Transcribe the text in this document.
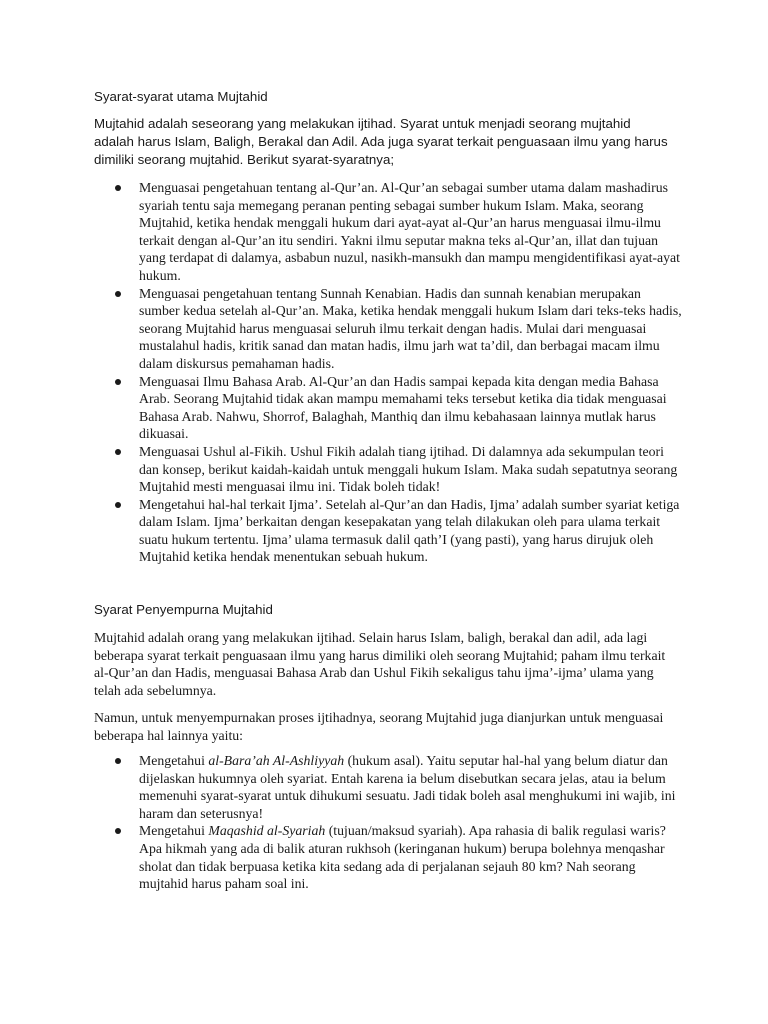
Syarat-syarat utama Mujtahid

Mujtahid adalah seseorang yang melakukan ijtihad. Syarat untuk menjadi seorang mujtahid adalah harus Islam, Baligh, Berakal dan Adil. Ada juga syarat terkait penguasaan ilmu yang harus dimiliki seorang mujtahid. Berikut syarat-syaratnya;

Menguasai pengetahuan tentang al-Qur’an. Al-Qur’an sebagai sumber utama dalam mashadirus syariah tentu saja memegang peranan penting sebagai sumber hukum Islam. Maka, seorang Mujtahid, ketika hendak menggali hukum dari ayat-ayat al-Qur’an harus menguasai ilmu-ilmu terkait dengan al-Qur’an itu sendiri. Yakni ilmu seputar makna teks al-Qur’an, illat dan tujuan yang terdapat di dalamya, asbabun nuzul, nasikh-mansukh dan mampu mengidentifikasi ayat-ayat hukum.
Menguasai pengetahuan tentang Sunnah Kenabian. Hadis dan sunnah kenabian merupakan sumber kedua setelah al-Qur’an. Maka, ketika hendak menggali hukum Islam dari teks-teks hadis, seorang Mujtahid harus menguasai seluruh ilmu terkait dengan hadis. Mulai dari menguasai mustalahul hadis, kritik sanad dan matan hadis, ilmu jarh wat ta’dil, dan berbagai macam ilmu dalam diskursus pemahaman hadis.
Menguasai Ilmu Bahasa Arab. Al-Qur’an dan Hadis sampai kepada kita dengan media Bahasa Arab. Seorang Mujtahid tidak akan mampu memahami teks tersebut ketika dia tidak menguasai Bahasa Arab. Nahwu, Shorrof, Balaghah, Manthiq dan ilmu kebahasaan lainnya mutlak harus dikuasai.
Menguasai Ushul al-Fikih. Ushul Fikih adalah tiang ijtihad. Di dalamnya ada sekumpulan teori dan konsep, berikut kaidah-kaidah untuk menggali hukum Islam. Maka sudah sepatutnya seorang Mujtahid mesti menguasai ilmu ini. Tidak boleh tidak!
Mengetahui hal-hal terkait Ijma’. Setelah al-Qur’an dan Hadis, Ijma’ adalah sumber syariat ketiga dalam Islam. Ijma’ berkaitan dengan kesepakatan yang telah dilakukan oleh para ulama terkait suatu hukum tertentu. Ijma’ ulama termasuk dalil qath’I (yang pasti), yang harus dirujuk oleh Mujtahid ketika hendak menentukan sebuah hukum.
Syarat Penyempurna Mujtahid

Mujtahid adalah orang yang melakukan ijtihad. Selain harus Islam, baligh, berakal dan adil, ada lagi beberapa syarat terkait penguasaan ilmu yang harus dimiliki oleh seorang Mujtahid; paham ilmu terkait al-Qur’an dan Hadis, menguasai Bahasa Arab dan Ushul Fikih sekaligus tahu ijma’-ijma’ ulama yang telah ada sebelumnya.

Namun, untuk menyempurnakan proses ijtihadnya, seorang Mujtahid juga dianjurkan untuk menguasai beberapa hal lainnya yaitu:

Mengetahui al-Bara’ah Al-Ashliyyah (hukum asal). Yaitu seputar hal-hal yang belum diatur dan dijelaskan hukumnya oleh syariat. Entah karena ia belum disebutkan secara jelas, atau ia belum memenuhi syarat-syarat untuk dihukumi sesuatu. Jadi tidak boleh asal menghukumi ini wajib, ini haram dan seterusnya!
Mengetahui Maqashid al-Syariah (tujuan/maksud syariah). Apa rahasia di balik regulasi waris? Apa hikmah yang ada di balik aturan rukhsoh (keringanan hukum) berupa bolehnya menqashar sholat dan tidak berpuasa ketika kita sedang ada di perjalanan sejauh 80 km? Nah seorang mujtahid harus paham soal ini.
